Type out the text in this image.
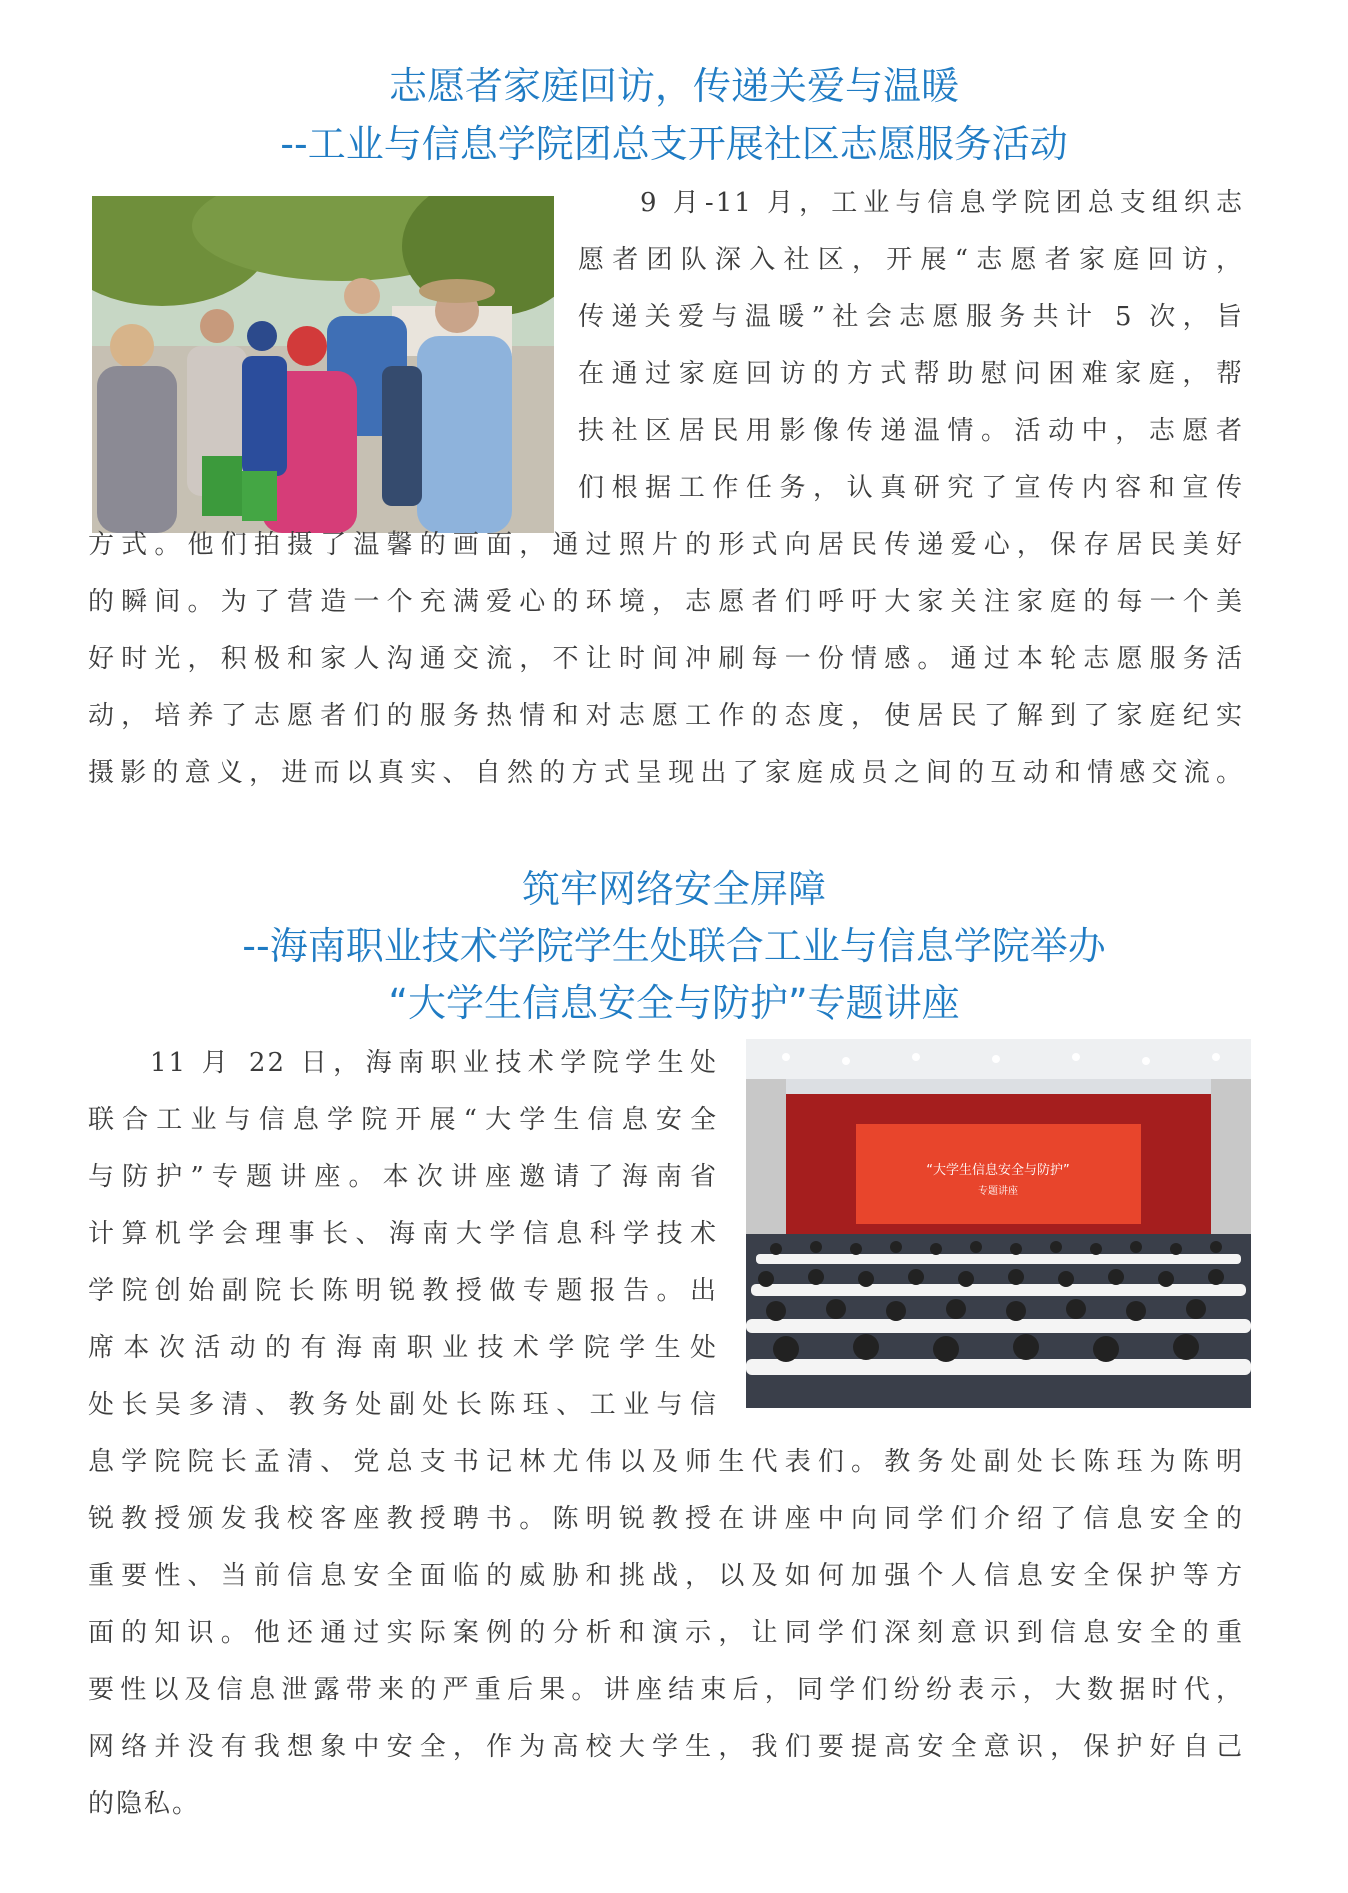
志愿者家庭回访，传递关爱与温暖
--工业与信息学院团总支开展社区志愿服务活动
9 月-11 月，工业与信息学院团总支组织志
愿者团队深入社区，开展“志愿者家庭回访，
传递关爱与温暖”社会志愿服务共计 5 次，旨
在通过家庭回访的方式帮助慰问困难家庭，帮
扶社区居民用影像传递温情。活动中，志愿者
们根据工作任务，认真研究了宣传内容和宣传
方式。他们拍摄了温馨的画面，通过照片的形式向居民传递爱心，保存居民美好
的瞬间。为了营造一个充满爱心的环境，志愿者们呼吁大家关注家庭的每一个美
好时光，积极和家人沟通交流，不让时间冲刷每一份情感。通过本轮志愿服务活
动，培养了志愿者们的服务热情和对志愿工作的态度，使居民了解到了家庭纪实
摄影的意义，进而以真实、自然的方式呈现出了家庭成员之间的互动和情感交流。
筑牢网络安全屏障
--海南职业技术学院学生处联合工业与信息学院举办
“大学生信息安全与防护”专题讲座
11 月 22 日，海南职业技术学院学生处
联合工业与信息学院开展“大学生信息安全
与防护”专题讲座。本次讲座邀请了海南省
计算机学会理事长、海南大学信息科学技术
学院创始副院长陈明锐教授做专题报告。出
席本次活动的有海南职业技术学院学生处
处长吴多清、教务处副处长陈珏、工业与信
“大学生信息安全与防护”
专题讲座
息学院院长孟清、党总支书记林尤伟以及师生代表们。教务处副处长陈珏为陈明
锐教授颁发我校客座教授聘书。陈明锐教授在讲座中向同学们介绍了信息安全的
重要性、当前信息安全面临的威胁和挑战，以及如何加强个人信息安全保护等方
面的知识。他还通过实际案例的分析和演示，让同学们深刻意识到信息安全的重
要性以及信息泄露带来的严重后果。讲座结束后，同学们纷纷表示，大数据时代，
网络并没有我想象中安全，作为高校大学生，我们要提高安全意识，保护好自己
的隐私。
